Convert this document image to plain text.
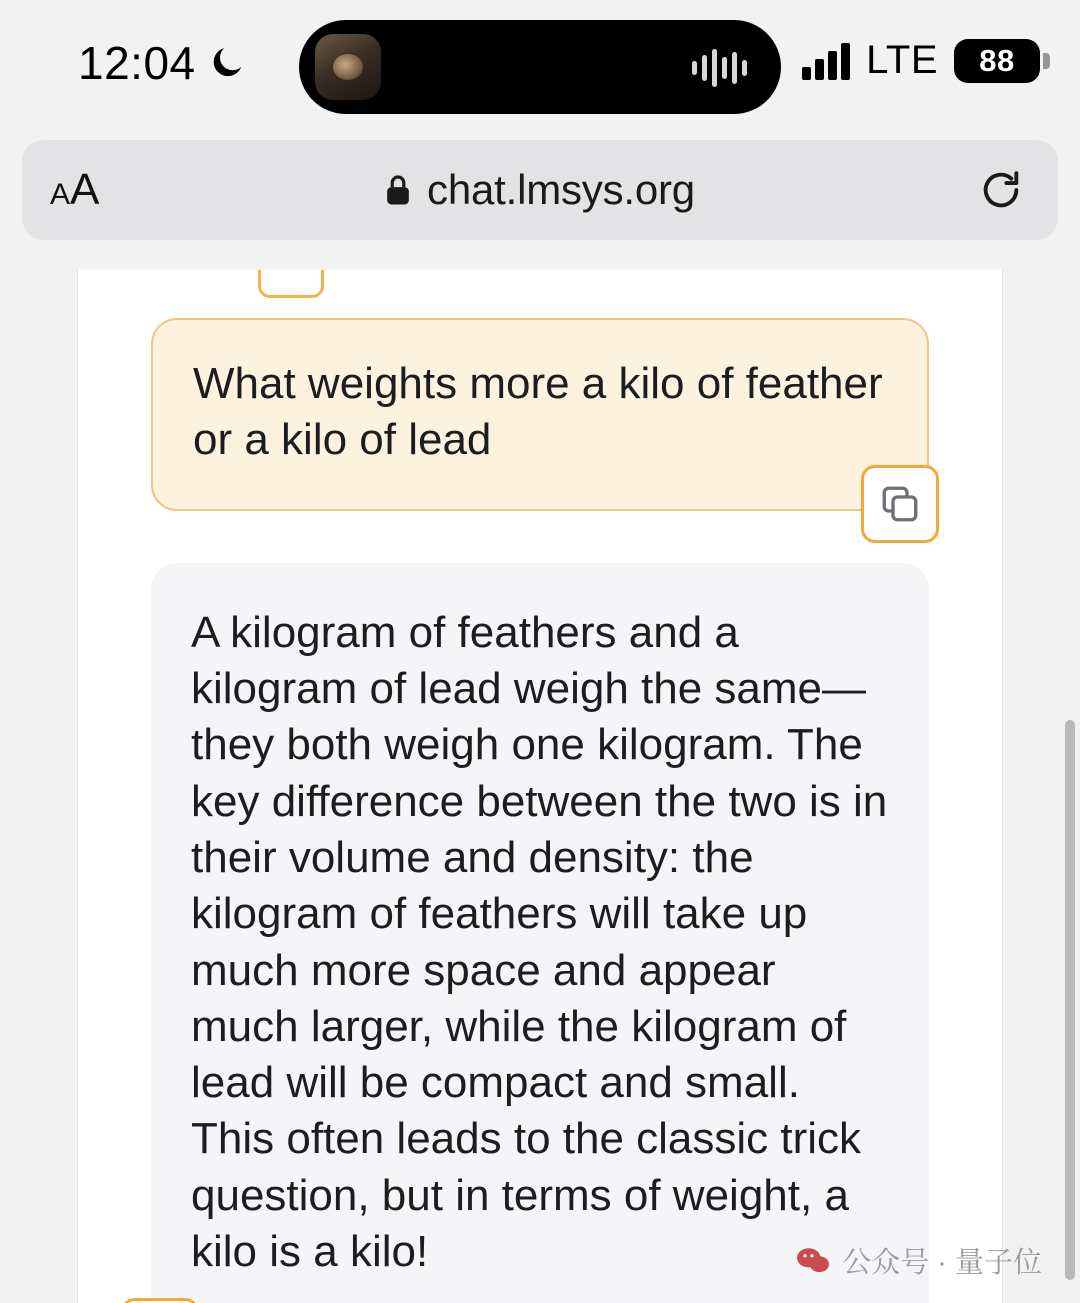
12:04	LTE 88
A A	chat.lmsys.org

What weights more a kilo of feather or a kilo of lead

A kilogram of feathers and a kilogram of lead weigh the same—they both weigh one kilogram. The key difference between the two is in their volume and density: the kilogram of feathers will take up much more space and appear much larger, while the kilogram of lead will be compact and small. This often leads to the classic trick question, but in terms of weight, a kilo is a kilo!	公众号 · 量子位
